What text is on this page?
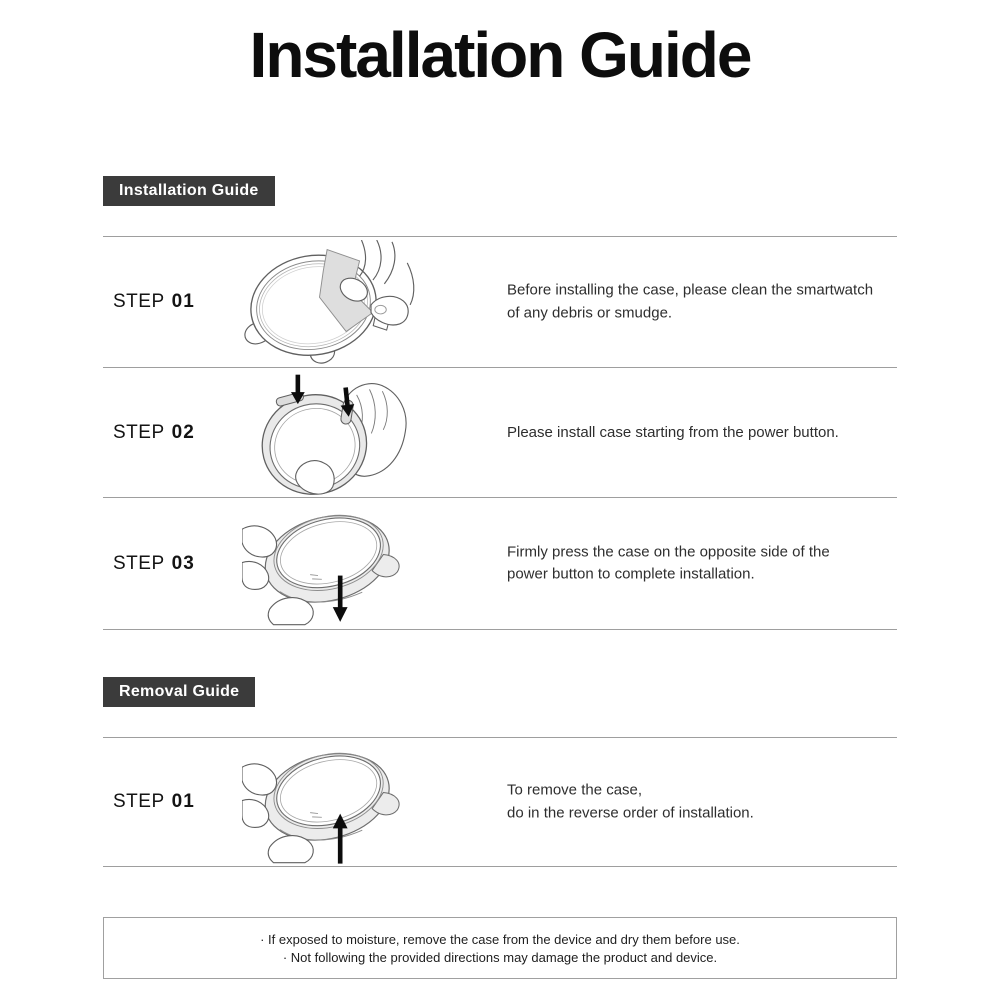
Installation Guide
Installation Guide
STEP 01
Before installing the case, please clean the smartwatch
of any debris or smudge.
STEP 02	Please install case starting from the power button.
STEP 03
Firmly press the case on the opposite side of the
power button to complete installation.
Removal Guide
STEP 01
To remove the case,
do in the reverse order of installation.
· If exposed to moisture, remove the case from the device and dry them before use.
· Not following the provided directions may damage the product and device.
